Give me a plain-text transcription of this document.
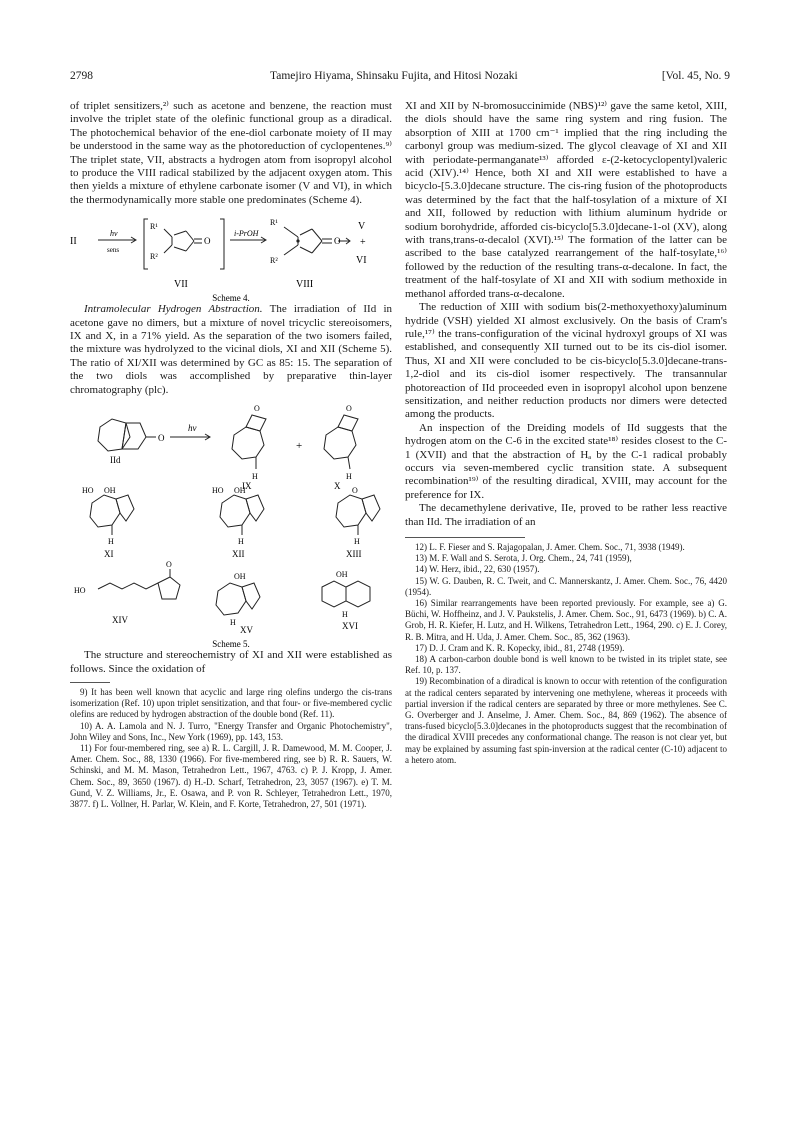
2798	Tamejiro Hiyama, Shinsaku Fujita, and Hitosi Nozaki	[Vol. 45, No. 9

of triplet sensitizers,²⁾ such as acetone and benzene, the reaction must involve the triplet state of the olefinic functional group as a diradical. The photochemical behavior of the ene-diol carbonate moiety of II may be understood in the same way as the photoreduction of cyclopentenes.⁹⁾ The triplet state, VII, abstracts a hydrogen atom from isopropyl alcohol to produce the VIII radical stabilized by the adjacent oxygen atom. This then yields a mixture of ethylene carbonate isomer (V and VI), in which the thermodynamically more stable one predominates (Scheme 4).

II
hν
sens
R¹
R²
O
i-PrOH
R¹
R²
O
V
+
VI
VII	VIII
Scheme 4.

Intramolecular Hydrogen Abstraction. The irradiation of IId in acetone gave no dimers, but a mixture of novel tricyclic stereoisomers, IX and X, in a 71% yield. As the separation of the two isomers failed, the mixture was hydrolyzed to the vicinal diols, XI and XII (Scheme 5). The ratio of XI/XII was determined by GC as 85: 15. The separation of the two diols was accomplished by preparative thin-layer chromatography (plc).

hν
O
+
H	H
O	O
HO OH
H
HO OH
H
O
H
HO
O
OH
H
OH
H
IId
IX	X
XI	XII	XIII
XIV
XV	XVI
Scheme 5.

The structure and stereochemistry of XI and XII were established as follows. Since the oxidation of

9) It has been well known that acyclic and large ring olefins undergo the cis-trans isomerization (Ref. 10) upon triplet sensitization, and that four- or five-membered cyclic olefins are reduced by hydrogen abstraction of the double bond (Ref. 11).

10) A. A. Lamola and N. J. Turro, "Energy Transfer and Organic Photochemistry", John Wiley and Sons, Inc., New York (1969), pp. 143, 153.

11) For four-membered ring, see a) R. L. Cargill, J. R. Damewood, M. M. Cooper, J. Amer. Chem. Soc., 88, 1330 (1966). For five-membered ring, see b) R. R. Sauers, W. Schinski, and M. M. Mason, Tetrahedron Lett., 1967, 4763. c) P. J. Kropp, J. Amer. Chem. Soc., 89, 3650 (1967). d) H.-D. Scharf, Tetrahedron, 23, 3057 (1967). e) T. M. Gund, V. Z. Williams, Jr., E. Osawa, and P. von R. Schleyer, Tetrahedron Lett., 1970, 3877. f) L. Vollner, H. Parlar, W. Klein, and F. Korte, Tetrahedron, 27, 501 (1971).

XI and XII by N-bromosuccinimide (NBS)¹²⁾ gave the same ketol, XIII, the diols should have the same ring system and ring fusion. The absorption of XIII at 1700 cm⁻¹ implied that the ring including the carbonyl group was medium-sized. The glycol cleavage of XI and XII with periodate-permanganate¹³⁾ afforded ε-(2-ketocyclopentyl)valeric acid (XIV).¹⁴⁾ Hence, both XI and XII were established to have a bicyclo-[5.3.0]decane structure. The cis-ring fusion of the photoproducts was determined by the fact that the half-tosylation of a mixture of XI and XII, followed by reduction with lithium aluminum hydride or sodium borohydride, afforded cis-bicyclo[5.3.0]decane-1-ol (XV), along with trans,trans-α-decalol (XVI).¹⁵⁾ The formation of the latter can be ascribed to the base catalyzed rearrangement of the half-tosylate,¹⁶⁾ followed by the reduction of the resulting trans-α-decalone. In fact, the treatment of the half-tosylate of XI and XII with sodium methoxide in methanol afforded trans-α-decalone.

The reduction of XIII with sodium bis(2-methoxyethoxy)aluminum hydride (VSH) yielded XI almost exclusively. On the basis of Cram's rule,¹⁷⁾ the trans-configuration of the vicinal hydroxyl groups of XI was established, and consequently XII turned out to be its cis-diol isomer. Thus, XI and XII were concluded to be cis-bicyclo[5.3.0]decane-trans-1,2-diol and its cis-diol isomer respectively. The transannular photoreaction of IId proceeded even in isopropyl alcohol upon benzene sensitization, and neither reduction products nor dimers were detected among the products.

An inspection of the Dreiding models of IId suggests that the hydrogen atom on the C-6 in the excited state¹⁸⁾ resides closest to the C-1 (XVII) and that the abstraction of Hₐ by the C-1 radical probably occurs via seven-membered cyclic transition state. A subsequent recombination¹⁹⁾ of the resulting diradical, XVIII, may account for the preference for IX.

The decamethylene derivative, IIe, proved to be rather less reactive than IId. The irradiation of an

12) L. F. Fieser and S. Rajagopalan, J. Amer. Chem. Soc., 71, 3938 (1949).

13) M. F. Wall and S. Serota, J. Org. Chem., 24, 741 (1959),

14) W. Herz, ibid., 22, 630 (1957).

15) W. G. Dauben, R. C. Tweit, and C. Mannerskantz, J. Amer. Chem. Soc., 76, 4420 (1954).

16) Similar rearrangements have been reported previously. For example, see a) G. Büchi, W. Hoffheinz, and J. V. Paukstelis, J. Amer. Chem. Soc., 91, 6473 (1969). b) C. A. Grob, H. R. Kiefer, H. Lutz, and H. Wilkens, Tetrahedron Lett., 1964, 290. c) E. J. Corey, R. B. Mitra, and H. Uda, J. Amer. Chem. Soc., 85, 362 (1963).

17) D. J. Cram and K. R. Kopecky, ibid., 81, 2748 (1959).

18) A carbon-carbon double bond is well known to be twisted in its triplet state, see Ref. 10, p. 137.

19) Recombination of a diradical is known to occur with retention of the configuration at the radical centers separated by intervening one methylene, whereas it proceeds with partial inversion if the radical centers are separated by three or more methylenes. See C. G. Overberger and J. Anselme, J. Amer. Chem. Soc., 84, 869 (1962). The absence of trans-fused bicyclo[5.3.0]decanes in the photoproducts suggest that the recombination of the diradical XVIII precedes any conformational change. The reason is not clear yet, but may be explained by assuming fast spin-inversion at the radical center (C-10) adjacent to a hetero atom.
